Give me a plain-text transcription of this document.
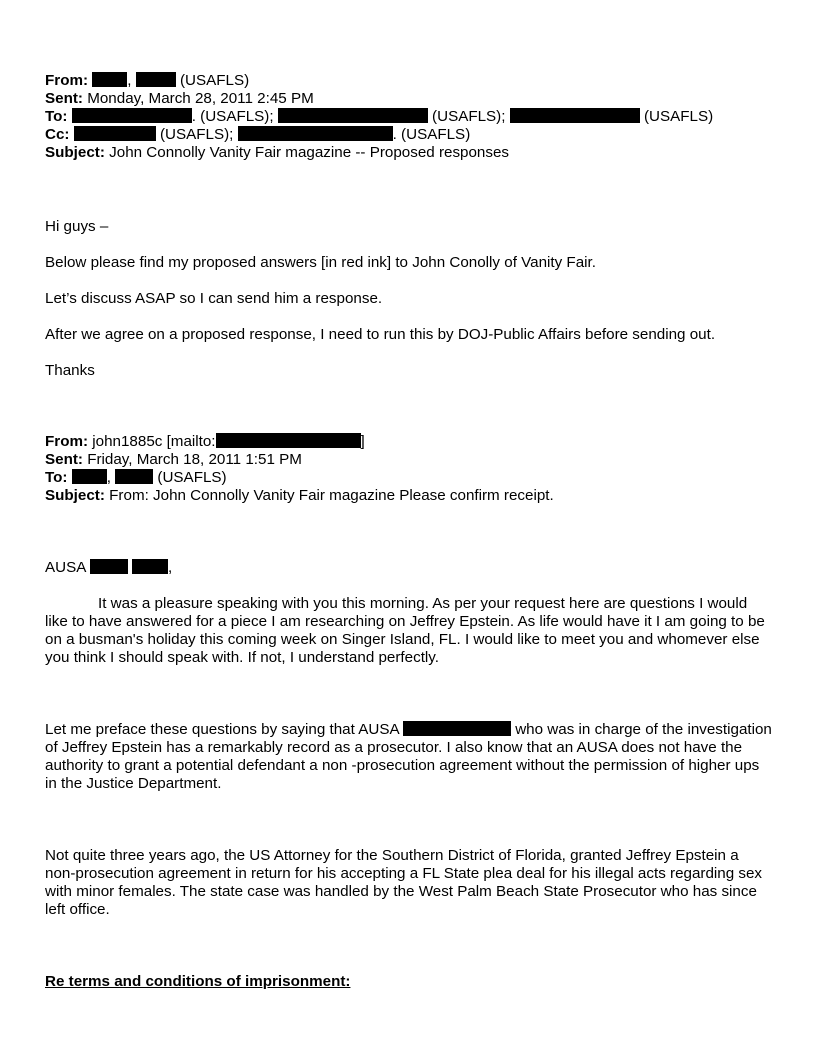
From:	,	(USAFLS)
Sent: Monday, March 28, 2011 2:45 PM
To:	. (USAFLS);	(USAFLS);	(USAFLS)
Cc:	(USAFLS);	. (USAFLS)
Subject: John Connolly Vanity Fair magazine -- Proposed responses
Hi guys –
Below please find my proposed answers [in red ink] to John Conolly of Vanity Fair.
Let’s discuss ASAP so I can send him a response.
After we agree on a proposed response, I need to run this by DOJ-Public Affairs before sending out.
Thanks
From: john1885c [mailto:	]
Sent: Friday, March 18, 2011 1:51 PM
To:	,	(USAFLS)
Subject: From: John Connolly Vanity Fair magazine Please confirm receipt.
AUSA	,
It was a pleasure speaking with you this morning. As per your request here are questions I would like to have answered for a piece I am researching on Jeffrey Epstein. As life would have it I am going to be on a busman's holiday this coming week on Singer Island, FL. I would like to meet you and whomever else you think I should speak with. If not, I understand perfectly.
Let me preface these questions by saying that AUSA	who was in charge of the investigation of Jeffrey Epstein has a remarkably record as a prosecutor. I also know that an AUSA does not have the authority to grant a potential defendant a non -prosecution agreement without the permission of higher ups in the Justice Department.
Not quite three years ago, the US Attorney for the Southern District of Florida, granted Jeffrey Epstein a non-prosecution agreement in return for his accepting a FL State plea deal for his illegal acts regarding sex with minor females. The state case was handled by the West Palm Beach State Prosecutor who has since left office.
Re terms and conditions of imprisonment:
